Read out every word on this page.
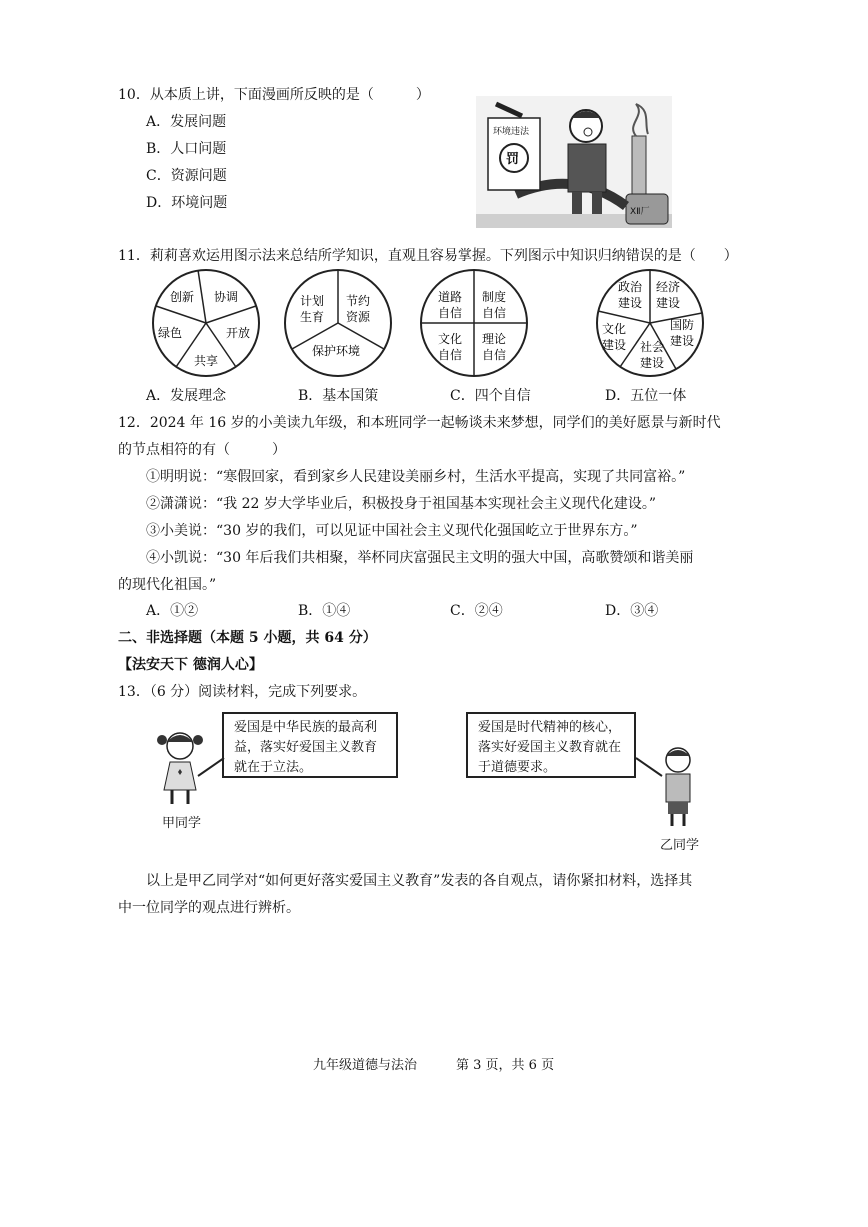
10．从本质上讲，下面漫画所反映的是（　　　）
A．发展问题
B．人口问题
C．资源问题
D．环境问题
XⅡ厂
环境违法
罚
11．莉莉喜欢运用图示法来总结所学知识，直观且容易掌握。下列图示中知识归纳错误的是（　　）
创新 协调
开放
共享
绿色
计划
生育
节约
资源
保护环境
道路
自信
制度
自信
文化
自信
理论
自信
政治
建设
经济
建设
国防
建设
社会
建设
文化
建设
A．发展理念	B．基本国策	C．四个自信	D．五位一体
12．2024 年 16 岁的小美读九年级，和本班同学一起畅谈未来梦想，同学们的美好愿景与新时代
的节点相符的有（　　　）
①明明说：“寒假回家，看到家乡人民建设美丽乡村，生活水平提高，实现了共同富裕。”
②潇潇说：“我 22 岁大学毕业后，积极投身于祖国基本实现社会主义现代化建设。”
③小美说：“30 岁的我们，可以见证中国社会主义现代化强国屹立于世界东方。”
④小凯说：“30 年后我们共相聚，举杯同庆富强民主文明的强大中国，高歌赞颂和谐美丽
的现代化祖国。”
A．①②	B．①④	C．②④	D．③④
二、非选择题（本题 5 小题，共 64 分）
【法安天下 德润人心】
13．（6 分）阅读材料，完成下列要求。
甲同学
爱国是中华民族的最高利
益，落实好爱国主义教育
就在于立法。
爱国是时代精神的核心，
落实好爱国主义教育就在
于道德要求。
乙同学
以上是甲乙同学对“如何更好落实爱国主义教育”发表的各自观点，请你紧扣材料，选择其
中一位同学的观点进行辨析。
九年级道德与法治	第 3 页，共 6 页
